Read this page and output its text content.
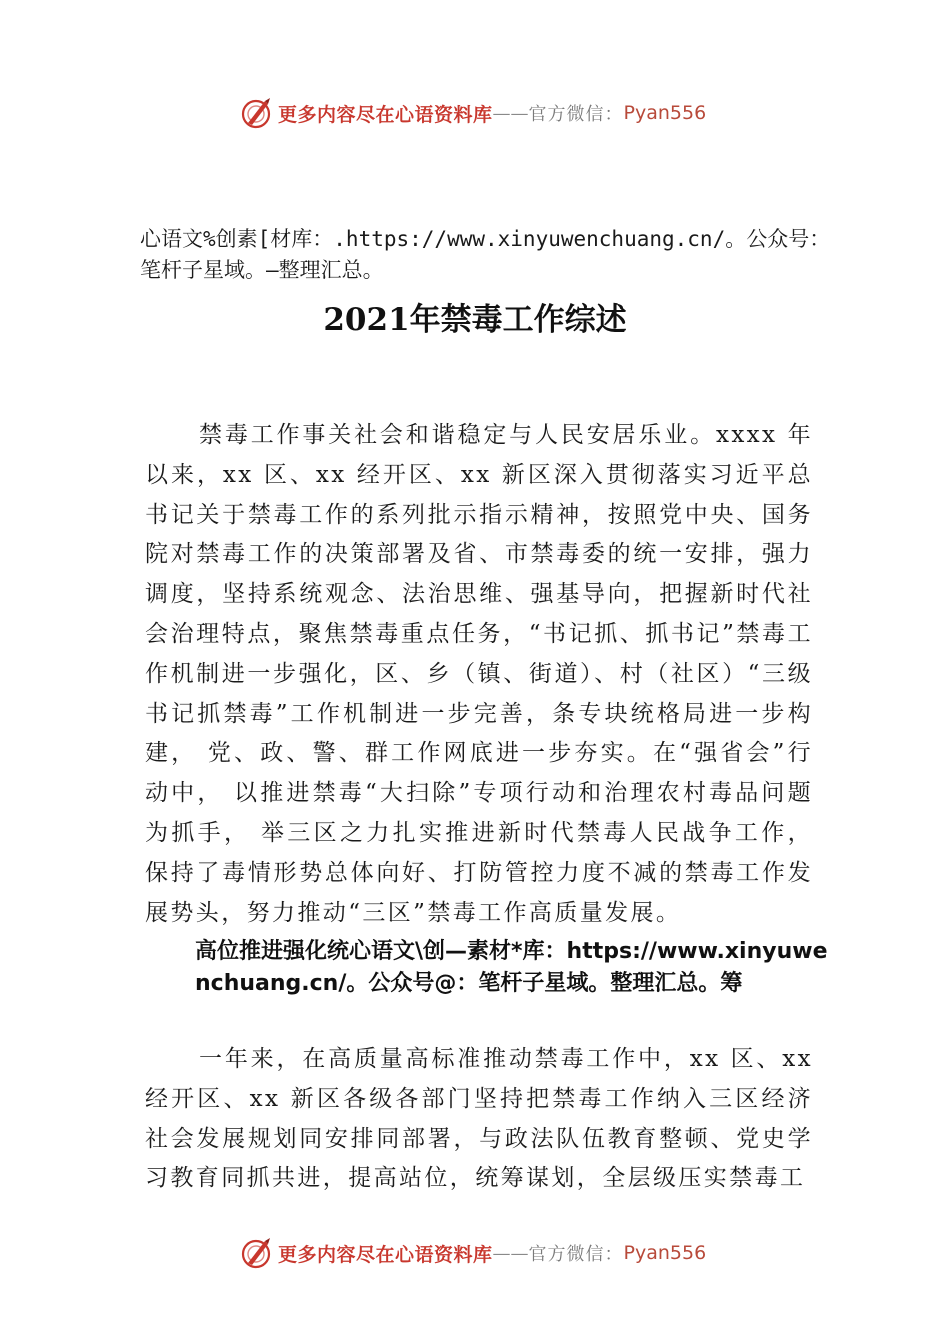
更多内容尽在心语资料库 —— 官方微信： Pyan556
心语文%创素[材库：.https://www.xinyuwenchuang.cn/。公众号：笔杆子星域。—整理汇总。
2021年禁毒工作综述
禁毒工作事关社会和谐稳定与人民安居乐业。xxxx 年以来，xx 区、xx 经开区、xx 新区深入贯彻落实习近平总书记关于禁毒工作的系列批示指示精神，按照党中央、国务院对禁毒工作的决策部署及省、市禁毒委的统一安排，强力调度，坚持系统观念、法治思维、强基导向，把握新时代社会治理特点，聚焦禁毒重点任务，“书记抓、抓书记”禁毒工作机制进一步强化，区、乡（镇、街道）、村（社区）“三级书记抓禁毒”工作机制进一步完善，条专块统格局进一步构建， 党、政、警、群工作网底进一步夯实。在“强省会”行动中， 以推进禁毒“大扫除”专项行动和治理农村毒品问题为抓手， 举三区之力扎实推进新时代禁毒人民战争工作，保持了毒情形势总体向好、打防管控力度不减的禁毒工作发展势头，努力推动“三区”禁毒工作高质量发展。
高位推进强化统心语文\创—素材*库：https://www.xinyuwenchuang.cn/。公众号@：笔杆子星域。整理汇总。筹
一年来，在高质量高标准推动禁毒工作中，xx 区、xx 经开区、xx 新区各级各部门坚持把禁毒工作纳入三区经济社会发展规划同安排同部署，与政法队伍教育整顿、党史学习教育同抓共进，提高站位，统筹谋划，全层级压实禁毒工
更多内容尽在心语资料库 —— 官方微信： Pyan556
